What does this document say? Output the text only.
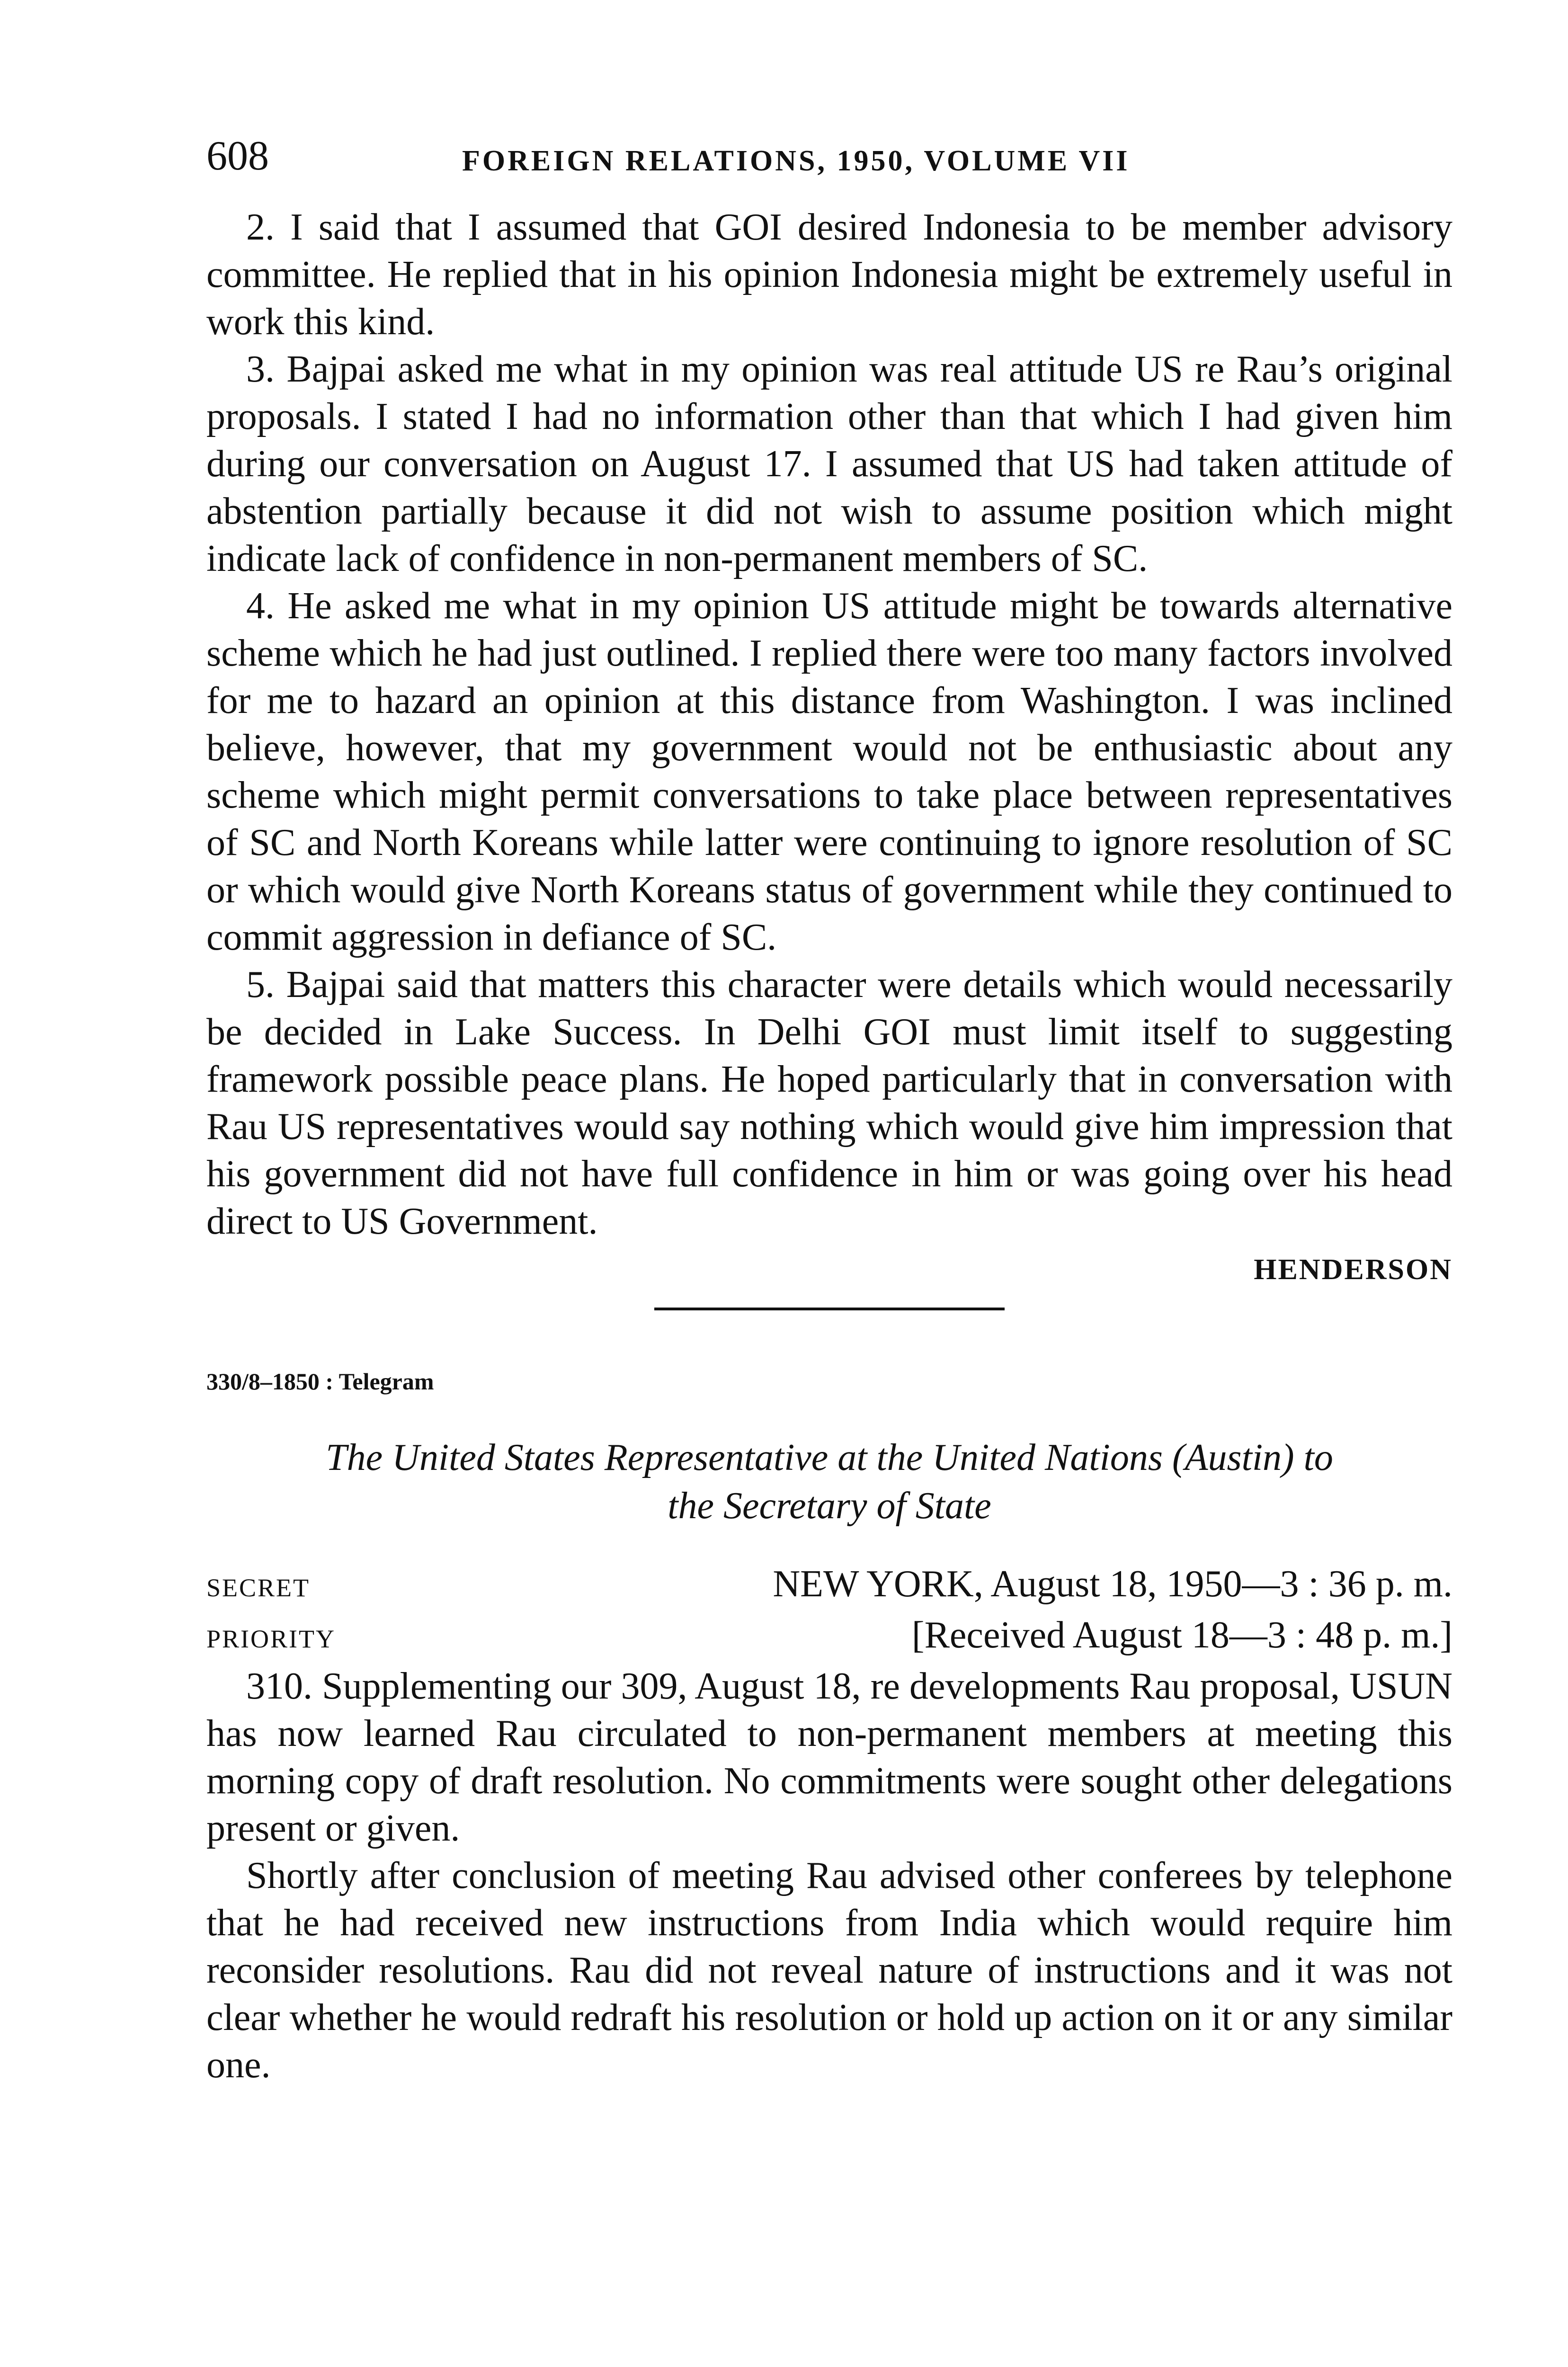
608	FOREIGN RELATIONS, 1950, VOLUME VII

2. I said that I assumed that GOI desired Indonesia to be member advisory committee. He replied that in his opinion Indonesia might be extremely useful in work this kind.

3. Bajpai asked me what in my opinion was real attitude US re Rau’s original proposals. I stated I had no information other than that which I had given him during our conversation on August 17. I assumed that US had taken attitude of abstention partially because it did not wish to assume position which might indicate lack of confidence in non-permanent members of SC.

4. He asked me what in my opinion US attitude might be towards alternative scheme which he had just outlined. I replied there were too many factors involved for me to hazard an opinion at this distance from Washington. I was inclined believe, however, that my government would not be enthusiastic about any scheme which might permit conversations to take place between representatives of SC and North Koreans while latter were continuing to ignore resolution of SC or which would give North Koreans status of government while they continued to commit aggression in defiance of SC.

5. Bajpai said that matters this character were details which would necessarily be decided in Lake Success. In Delhi GOI must limit itself to suggesting framework possible peace plans. He hoped particularly that in conversation with Rau US representatives would say nothing which would give him impression that his government did not have full confidence in him or was going over his head direct to US Government.

HENDERSON
330/8–1850 : Telegram
The United States Representative at the United Nations (Austin) to
the Secretary of State
SECRET	NEW YORK, August 18, 1950—3 : 36 p. m.
PRIORITY	[Received August 18—3 : 48 p. m.]

310. Supplementing our 309, August 18, re developments Rau proposal, USUN has now learned Rau circulated to non-permanent members at meeting this morning copy of draft resolution. No commitments were sought other delegations present or given.

Shortly after conclusion of meeting Rau advised other conferees by telephone that he had received new instructions from India which would require him reconsider resolutions. Rau did not reveal nature of instructions and it was not clear whether he would redraft his resolution or hold up action on it or any similar one.
